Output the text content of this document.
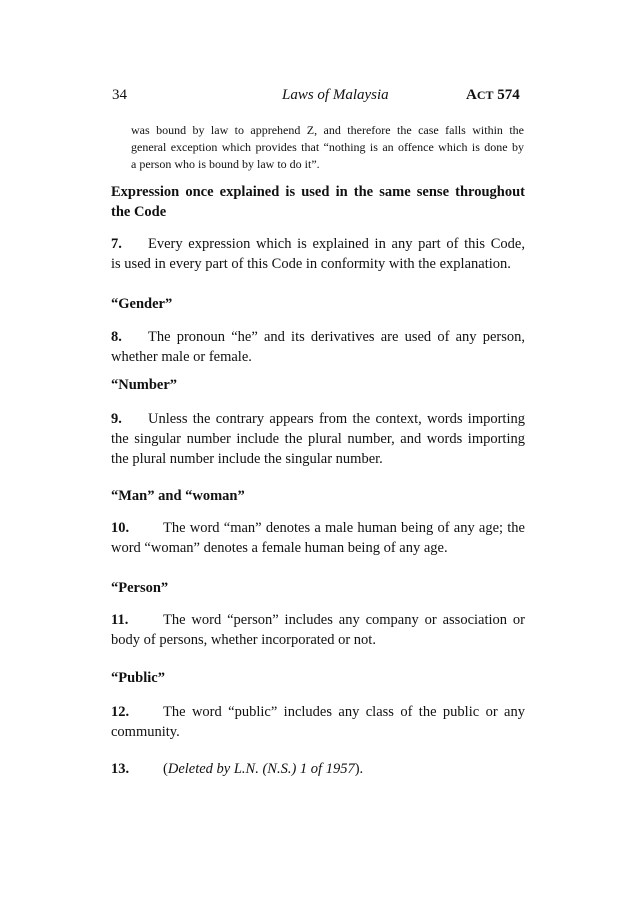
34	Laws of Malaysia	ACT 574
was bound by law to apprehend Z, and therefore the case falls within the
general exception which provides that “nothing is an offence which is done by
a person who is bound by law to do it”.
Expression once explained is used in the same sense throughout
the Code
7. Every expression which is explained in any part of this Code,
is used in every part of this Code in conformity with the explanation.
“Gender”
8. The pronoun “he” and its derivatives are used of any person,
whether male or female.
“Number”
9. Unless the contrary appears from the context, words importing
the singular number include the plural number, and words importing
the plural number include the singular number.
“Man” and “woman”
10. The word “man” denotes a male human being of any age; the
word “woman” denotes a female human being of any age.
“Person”
11. The word “person” includes any company or association or
body of persons, whether incorporated or not.
“Public”
12. The word “public” includes any class of the public or any
community.
13. (Deleted by L.N. (N.S.) 1 of 1957).
